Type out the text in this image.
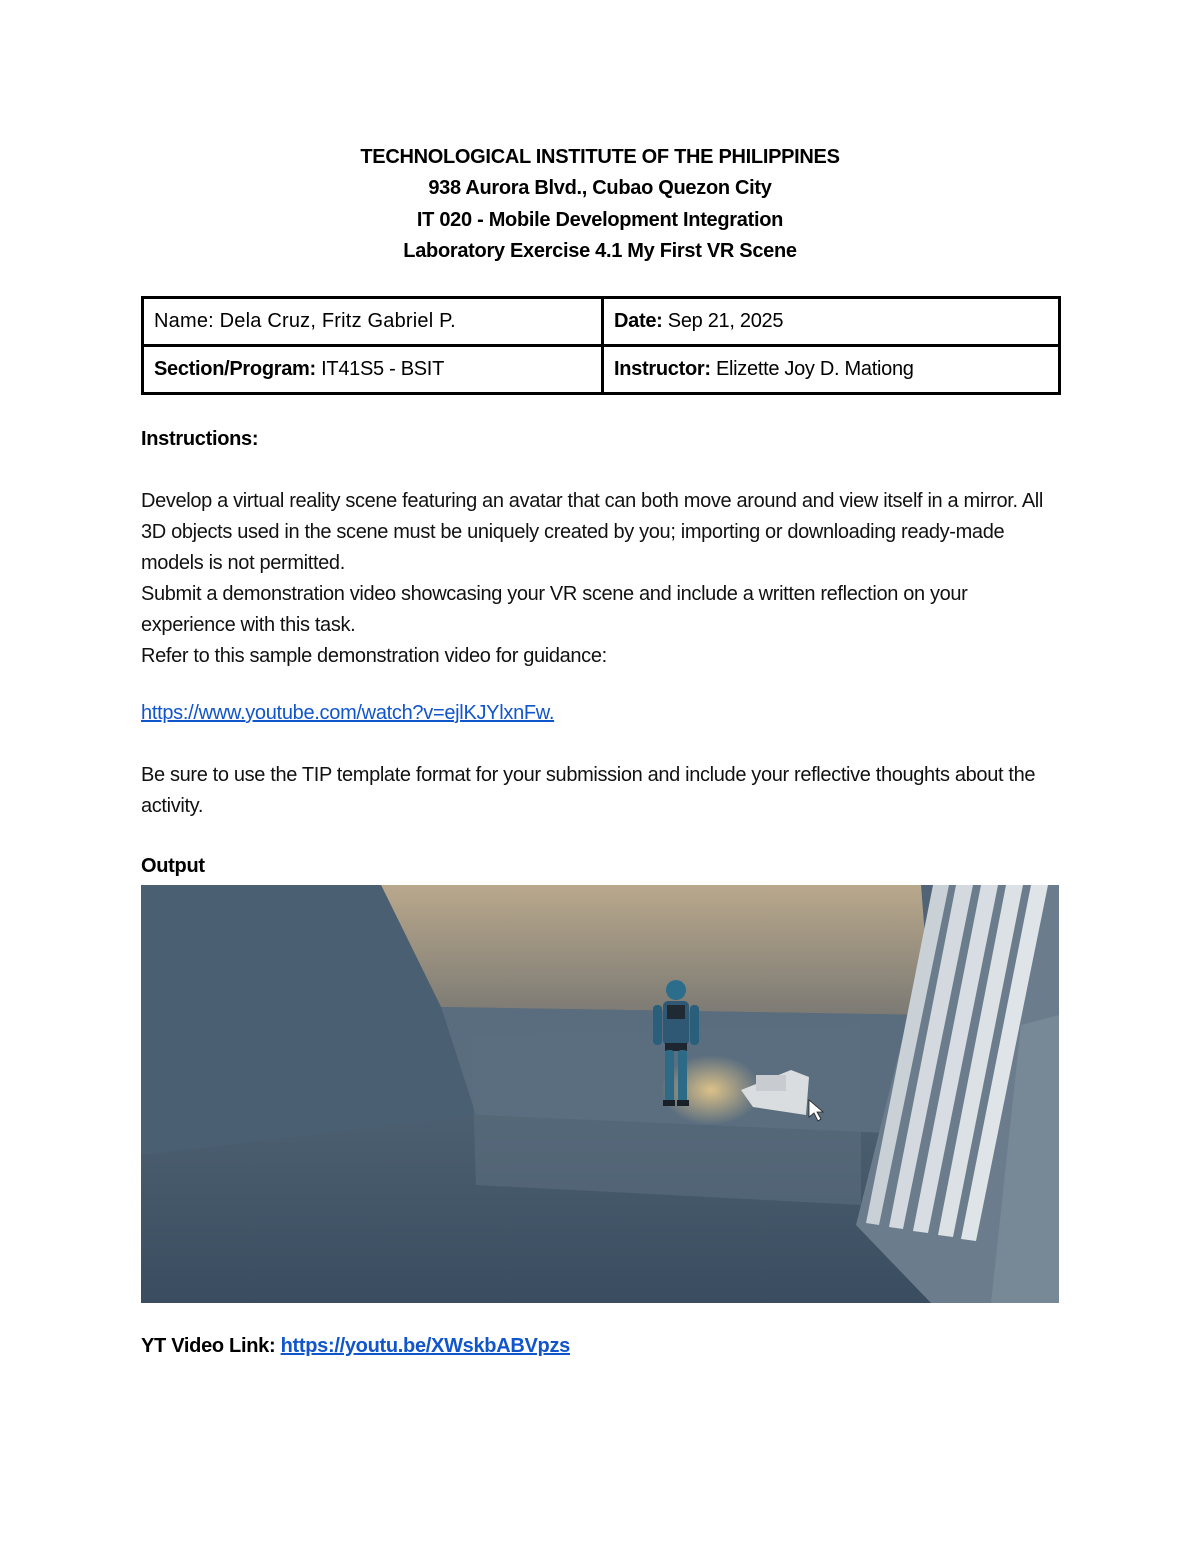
TECHNOLOGICAL INSTITUTE OF THE PHILIPPINES
938 Aurora Blvd., Cubao Quezon City
IT 020 - Mobile Development Integration
Laboratory Exercise 4.1 My First VR Scene
Name: Dela Cruz, Fritz Gabriel P.	Date: Sep 21, 2025
Section/Program: IT41S5 - BSIT	Instructor: Elizette Joy D. Mationg
Instructions:
Develop a virtual reality scene featuring an avatar that can both move around and view itself in a mirror. All 3D objects used in the scene must be uniquely created by you; importing or downloading ready-made models is not permitted.
Submit a demonstration video showcasing your VR scene and include a written reflection on your experience with this task.
Refer to this sample demonstration video for guidance:
https://www.youtube.com/watch?v=ejlKJYlxnFw.
Be sure to use the TIP template format for your submission and include your reflective thoughts about the activity.
Output
YT Video Link: https://youtu.be/XWskbABVpzs
